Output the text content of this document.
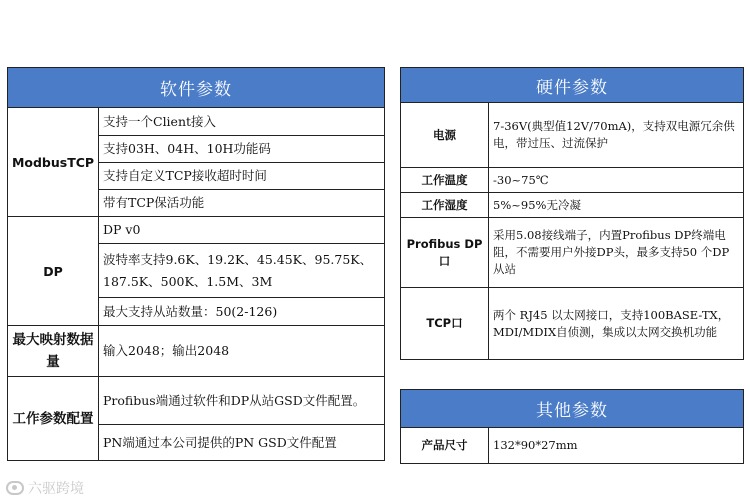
软件参数	
ModbusTCP	支持一个Client接入
	支持03H、04H、10H功能码
	支持自定义TCP接收超时时间
	带有TCP保活功能
DP	DP v0
	波特率支持9.6K、19.2K、45.45K、95.75K、187.5K、500K、1.5M、3M
	最大支持从站数量：50(2-126)
最大映射数据量	输入2048；输出2048
工作参数配置	Profibus端通过软件和DP从站GSD文件配置。
	PN端通过本公司提供的PN GSD文件配置
硬件参数	
电源	7-36V(典型值12V/70mA)，支持双电源冗余供电，带过压、过流保护
工作温度	-30~75℃
工作湿度	5%~95%无冷凝
Profibus DP口	采用5.08接线端子，内置Profibus DP终端电阻，不需要用户外接DP头，最多支持50 个DP从站
TCP口	两个 RJ45 以太网接口，支持100BASE-TX，MDI/MDIX自侦测，集成以太网交换机功能
其他参数
产品尺寸	132*90*27mm
六驱跨境
